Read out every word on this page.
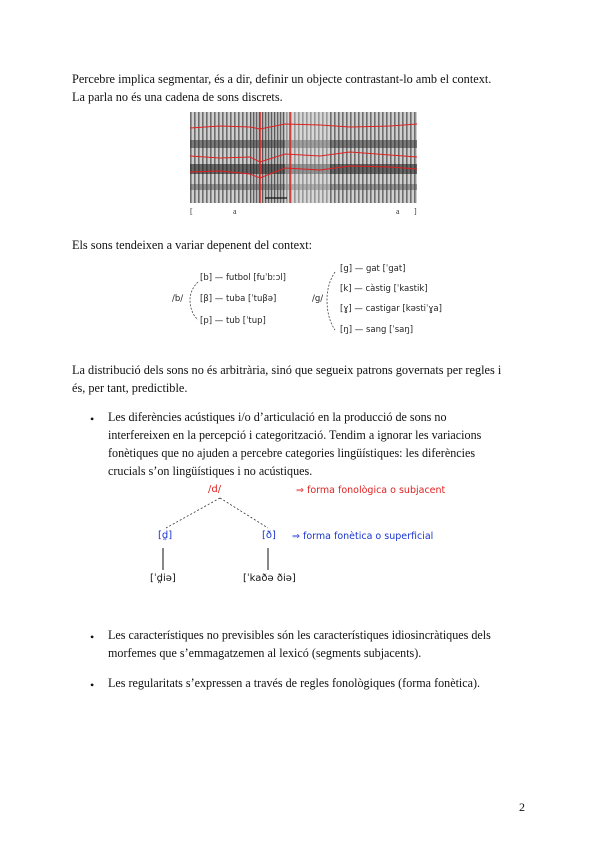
Percebre implica segmentar, és a dir, definir un objecte contrastant-lo amb el context.
La parla no és una cadena de sons discrets.
[	a	a ]
Els sons tendeixen a variar depenent del context:
/b/
[b] — futbol [fuˈbːɔl]
[β] — tuba [ˈtuβə]
[p] — tub [ˈtup]
/g/
[g] — gat [ˈgat]
[k] — càstig [ˈkastik]
[ɣ] — castigar [kəstiˈɣa]
[ŋ] — sang [ˈsaŋ]
La distribució dels sons no és arbitrària, sinó que segueix patrons governats per regles i
és, per tant, predictible.
• Les diferències acústiques i/o d’articulació en la producció de sons no
interfereixen en la percepció i categorització. Tendim a ignorar les variacions
fonètiques que no ajuden a percebre categories lingüístiques: les diferències
crucials s’on lingüístiques i no acústiques.
/d/	⇒ forma fonològica o subjacent
[d̪]	[ð] ⇒ forma fonètica o superficial
[ˈd̪iə]	[ˈkaðə ðiə]
• Les característiques no previsibles són les característiques idiosincràtiques dels
morfemes que s’emmagatzemen al lexicó (segments subjacents).
• Les regularitats s’expressen a través de regles fonològiques (forma fonètica).
2
